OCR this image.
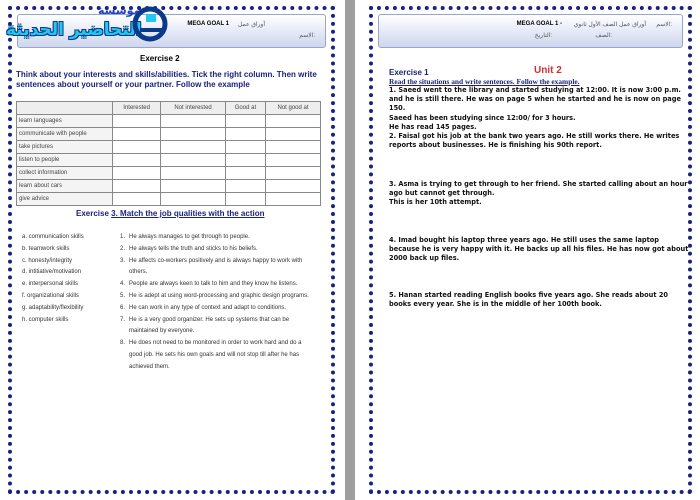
MEGA GOAL 1 أوراق عمل
الاسم:
مؤسسة
التحاضير الحديثة
Exercise 2
Think about your interests and skills/abilities. Tick the right column. Then write sentences about yourself or your partner. Follow the example
	Interested	Not interested	Good at	Not good at
learn languages				
communicate with people				
take pictures				
listen to people				
collect information				
learn about cars				
give advice				
Exercise 3. Match the job qualities with the action
a. communication skills
b. teamwork skills
c. honesty/integrity
d. intitiative/motivation
e. interpersonal skills
f. organizational skills
g. adaptability/flexibility
h. computer skills
1. He always manages to get through to people.
2. He always tells the truth and sticks to his beliefs.
3. He affects co-workers positively and is always happy to work with others.
4. People are always keen to talk to him and they know he listens.
5. He is adept at using word-processing and graphic design programs.
6. He can work in any type of context and adapt to conditions.
7. He is a very good organizer. He sets up systems that can be maintained by everyone.
8. He does not need to be monitored in order to work hard and do a good job. He sets his own goals and will not stop till after he has achieved them.
MEGA GOAL 1 - أوراق عمل الصف الأول ثانوي الاسم:
التاريخ:	الصف:
Unit 2
Exercise 1
Read the situations and write sentences. Follow the example.
1. Saeed went to the library and started studying at 12:00. It is now 3:00 p.m. and he is still there. He was on page 5 when he started and he is now on page 150.
Saeed has been studying since 12:00/ for 3 hours.
He has read 145 pages.
2. Faisal got his job at the bank two years ago. He still works there. He writes reports about businesses. He is finishing his 90th report.
3. Asma is trying to get through to her friend. She started calling about an hour ago but cannot get through.
This is her 10th attempt.
4. Imad bought his laptop three years ago. He still uses the same laptop because he is very happy with it. He backs up all his files. He has now got about 2000 back up files.
5. Hanan started reading English books five years ago. She reads about 20 books every year. She is in the middle of her 100th book.
